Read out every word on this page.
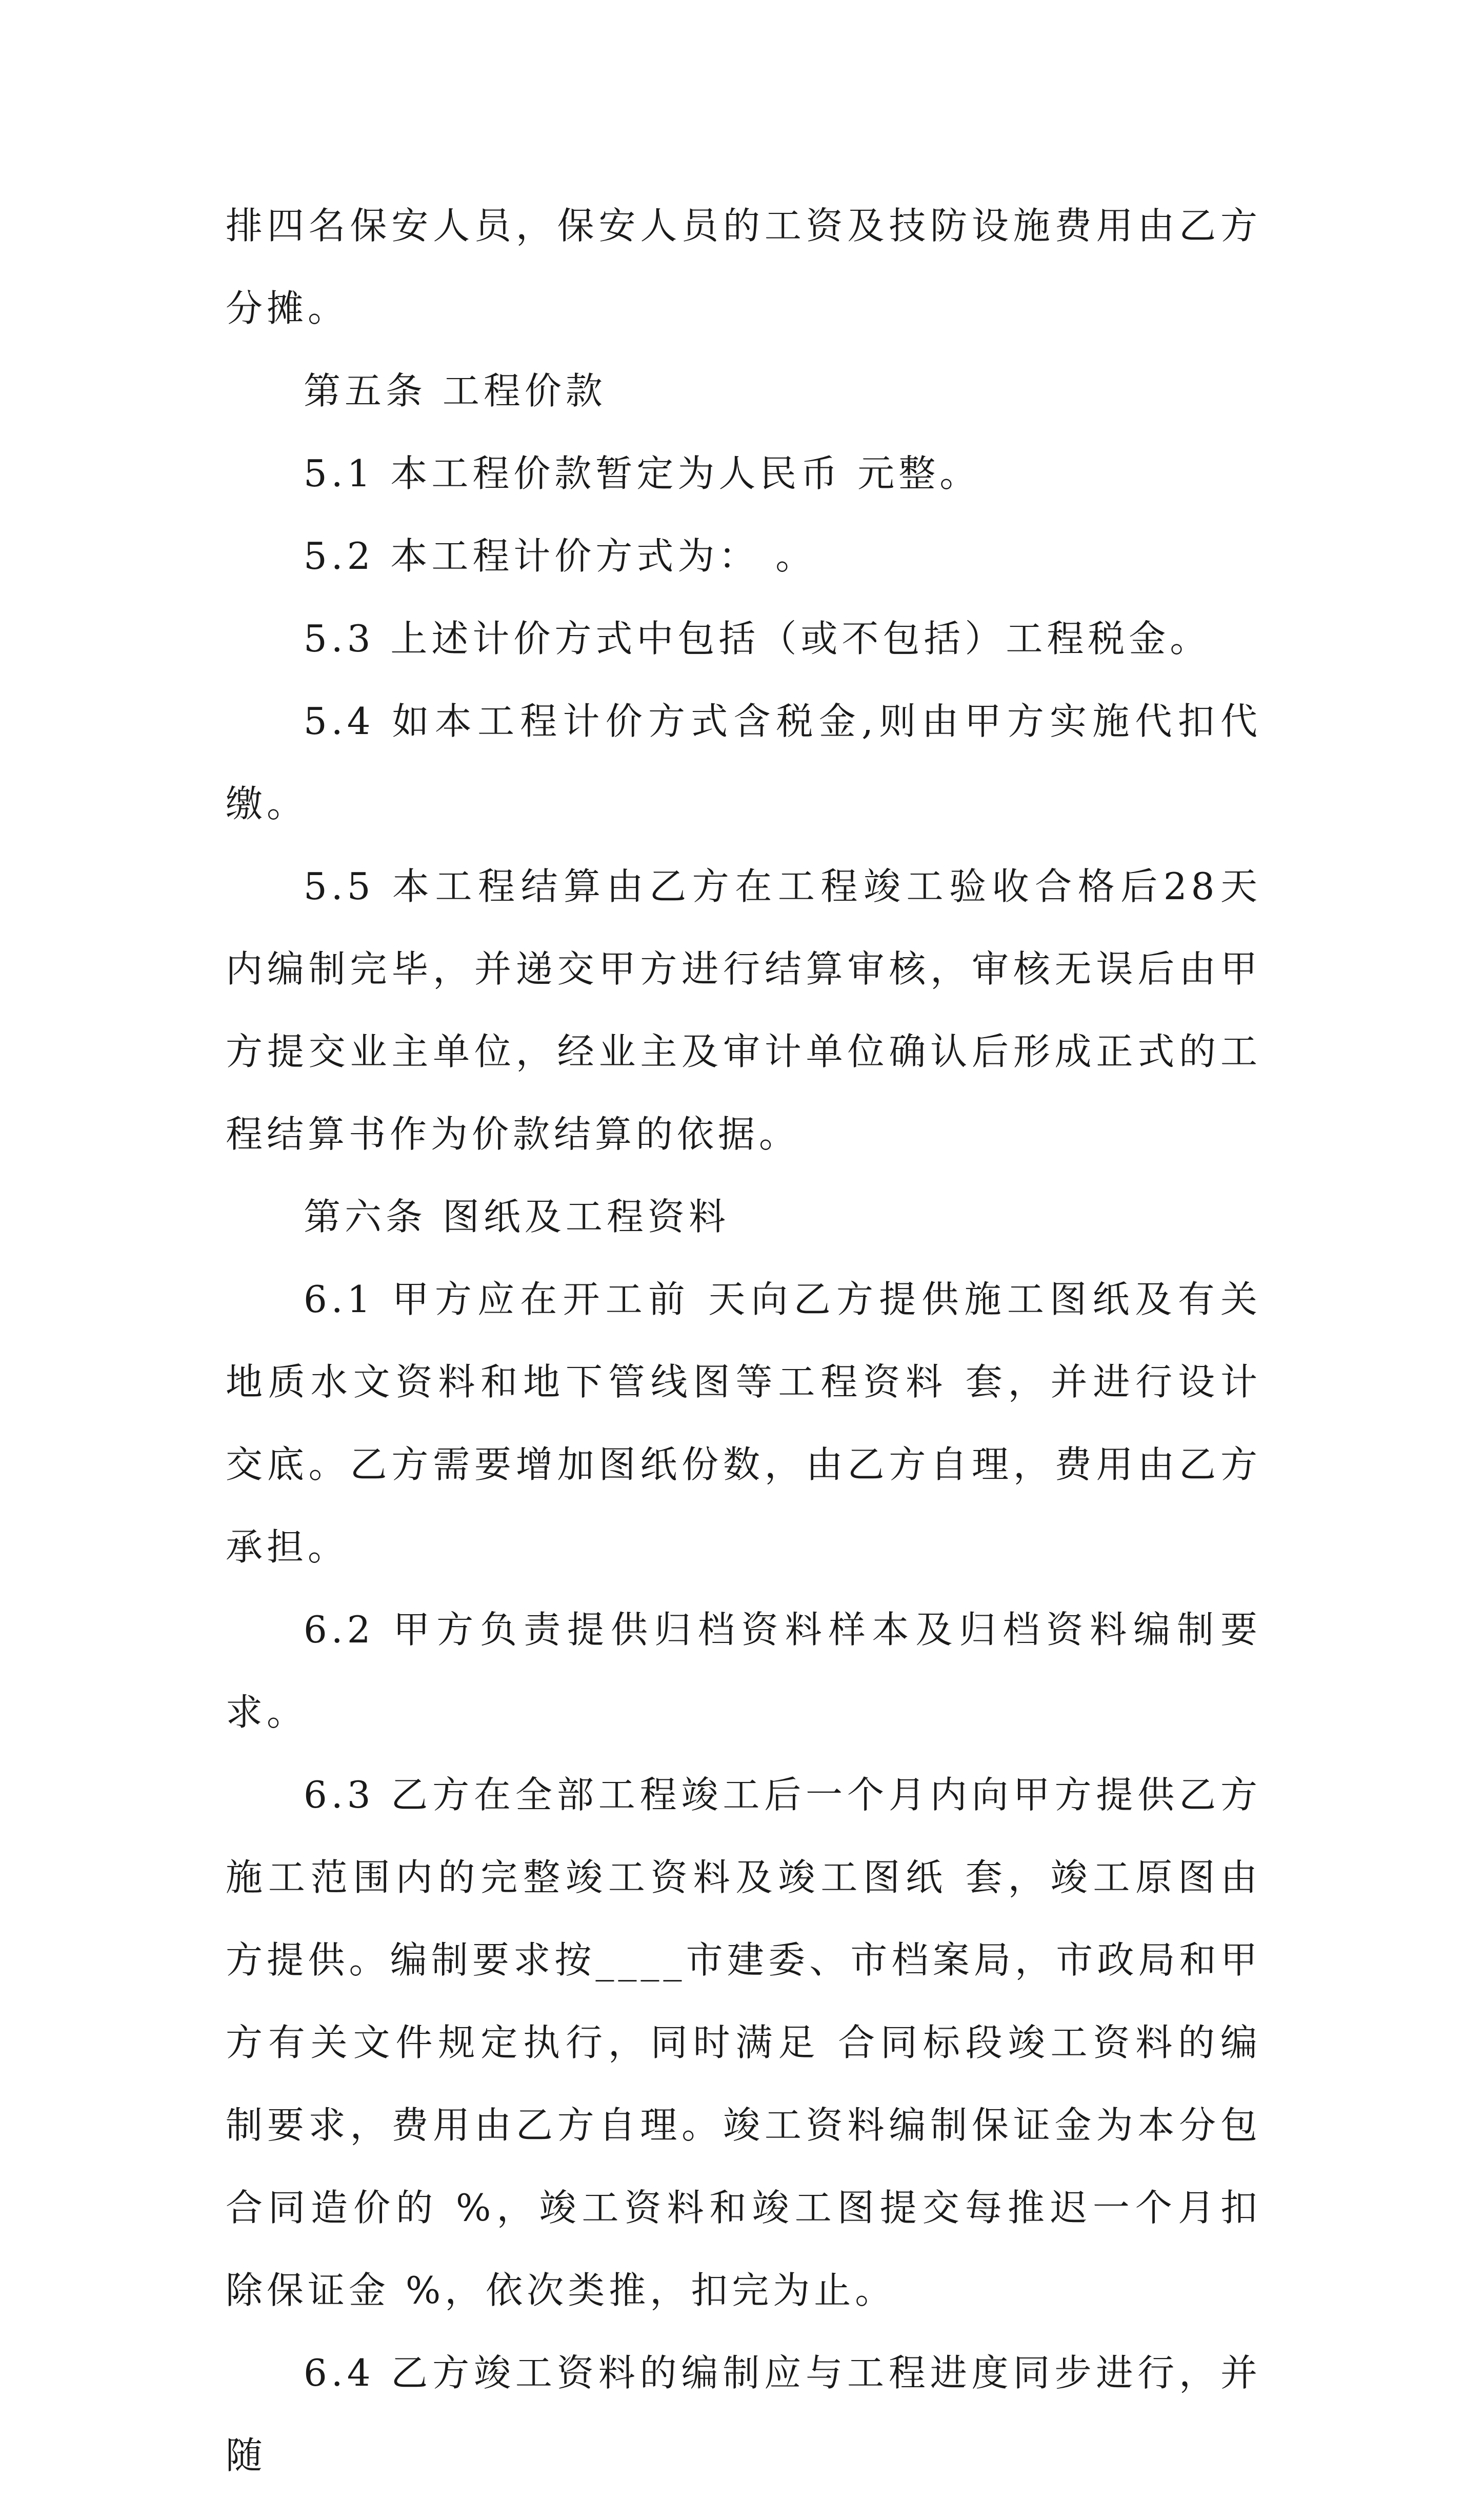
排四名保安人员，保安人员的工资及技防设施费用由乙方分摊。

第五条 工程价款

5.1 本工程价款暂定为人民币 元整。

5.2 本工程计价方式为： 。

5.3 上述计价方式中包括（或不包括）工程税金。

5.4 如本工程计价方式含税金,则由甲方实施代扣代缴。

5.5 本工程结算由乙方在工程竣工验收合格后28天内编制完毕，并递交甲方进行结算审核，审核无误后由甲方提交业主单位，经业主及审计单位确认后形成正式的工程结算书作为价款结算的依据。

第六条 图纸及工程资料

6.1 甲方应在开工前 天向乙方提供施工图纸及有关地质水文资料和地下管线图等工程资料 套，并进行设计交底。乙方需要增加图纸份数，由乙方自理，费用由乙方承担。

6.2 甲方负责提供归档资料样本及归档资料编制要求。

6.3 乙方在全部工程竣工后一个月内向甲方提供乙方施工范围内的完整竣工资料及竣工图纸 套，竣工原图由 方提供。编制要求按____市建委、市档案局，市政局和甲方有关文件规定执行，同时满足 合同标段竣工资料的编制要求，费用由乙方自理。竣工资料编制保证金为本分包合同造价的 %，竣工资料和竣工图提交每推迟一个月扣除保证金 %，依次类推，扣完为止。

6.4 乙方竣工资料的编制应与工程进度同步进行，并随
